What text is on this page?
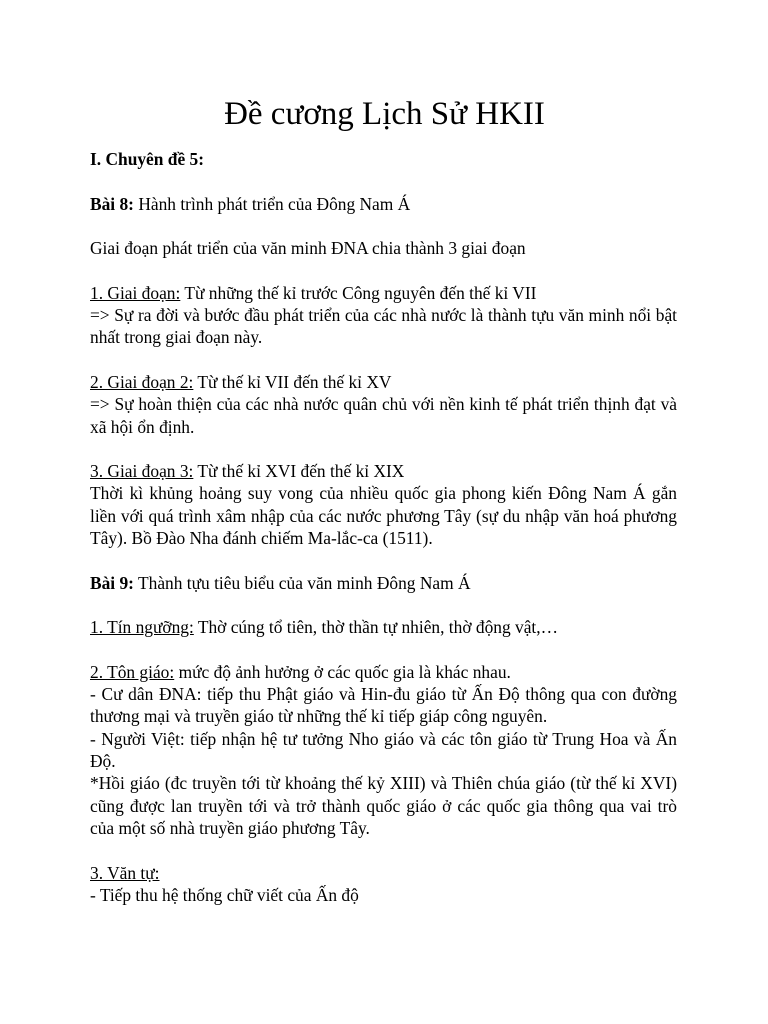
Đề cương Lịch Sử HKII

I. Chuyên đề 5:

Bài 8: Hành trình phát triển của Đông Nam Á

Giai đoạn phát triển của văn minh ĐNA chia thành 3 giai đoạn

1. Giai đoạn: Từ những thế kỉ trước Công nguyên đến thế kỉ VII

=> Sự ra đời và bước đầu phát triển của các nhà nước là thành tựu văn minh nổi bật nhất trong giai đoạn này.

2. Giai đoạn 2: Từ thế kỉ VII đến thế kỉ XV

=> Sự hoàn thiện của các nhà nước quân chủ với nền kinh tế phát triển thịnh đạt và xã hội ổn định.

3. Giai đoạn 3: Từ thế kỉ XVI đến thế kỉ XIX

Thời kì khủng hoảng suy vong của nhiều quốc gia phong kiến Đông Nam Á gắn liền với quá trình xâm nhập của các nước phương Tây (sự du nhập văn hoá phương Tây). Bồ Đào Nha đánh chiếm Ma-lắc-ca (1511).

Bài 9: Thành tựu tiêu biểu của văn minh Đông Nam Á

1. Tín ngưỡng: Thờ cúng tổ tiên, thờ thần tự nhiên, thờ động vật,…

2. Tôn giáo: mức độ ảnh hưởng ở các quốc gia là khác nhau.

- Cư dân ĐNA: tiếp thu Phật giáo và Hin-đu giáo từ Ấn Độ thông qua con đường thương mại và truyền giáo từ những thế kỉ tiếp giáp công nguyên.

- Người Việt: tiếp nhận hệ tư tưởng Nho giáo và các tôn giáo từ Trung Hoa và Ấn Độ.

*Hồi giáo (đc truyền tới từ khoảng thế kỷ XIII) và Thiên chúa giáo (từ thế kỉ XVI) cũng được lan truyền tới và trở thành quốc giáo ở các quốc gia thông qua vai trò của một số nhà truyền giáo phương Tây.

3. Văn tự:

- Tiếp thu hệ thống chữ viết của Ấn độ
